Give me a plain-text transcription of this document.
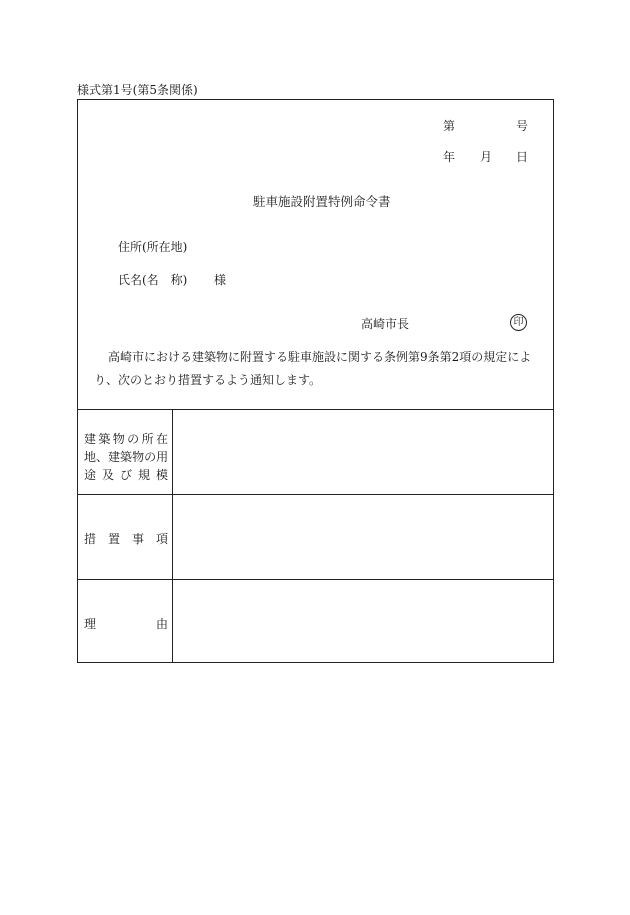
様式第1号(第5条関係)
第	号
年 月 日
駐車施設附置特例命令書
住所(所在地)
氏名(名　称) 様
高崎市長	印
高崎市における建築物に附置する駐車施設に関する条例第9条第2項の規定により、次のとおり措置するよう通知します。
建 築 物 の 所 在
地 、 建 築 物 の 用
途 及 び 規 模
措 置 事 項
理	由
